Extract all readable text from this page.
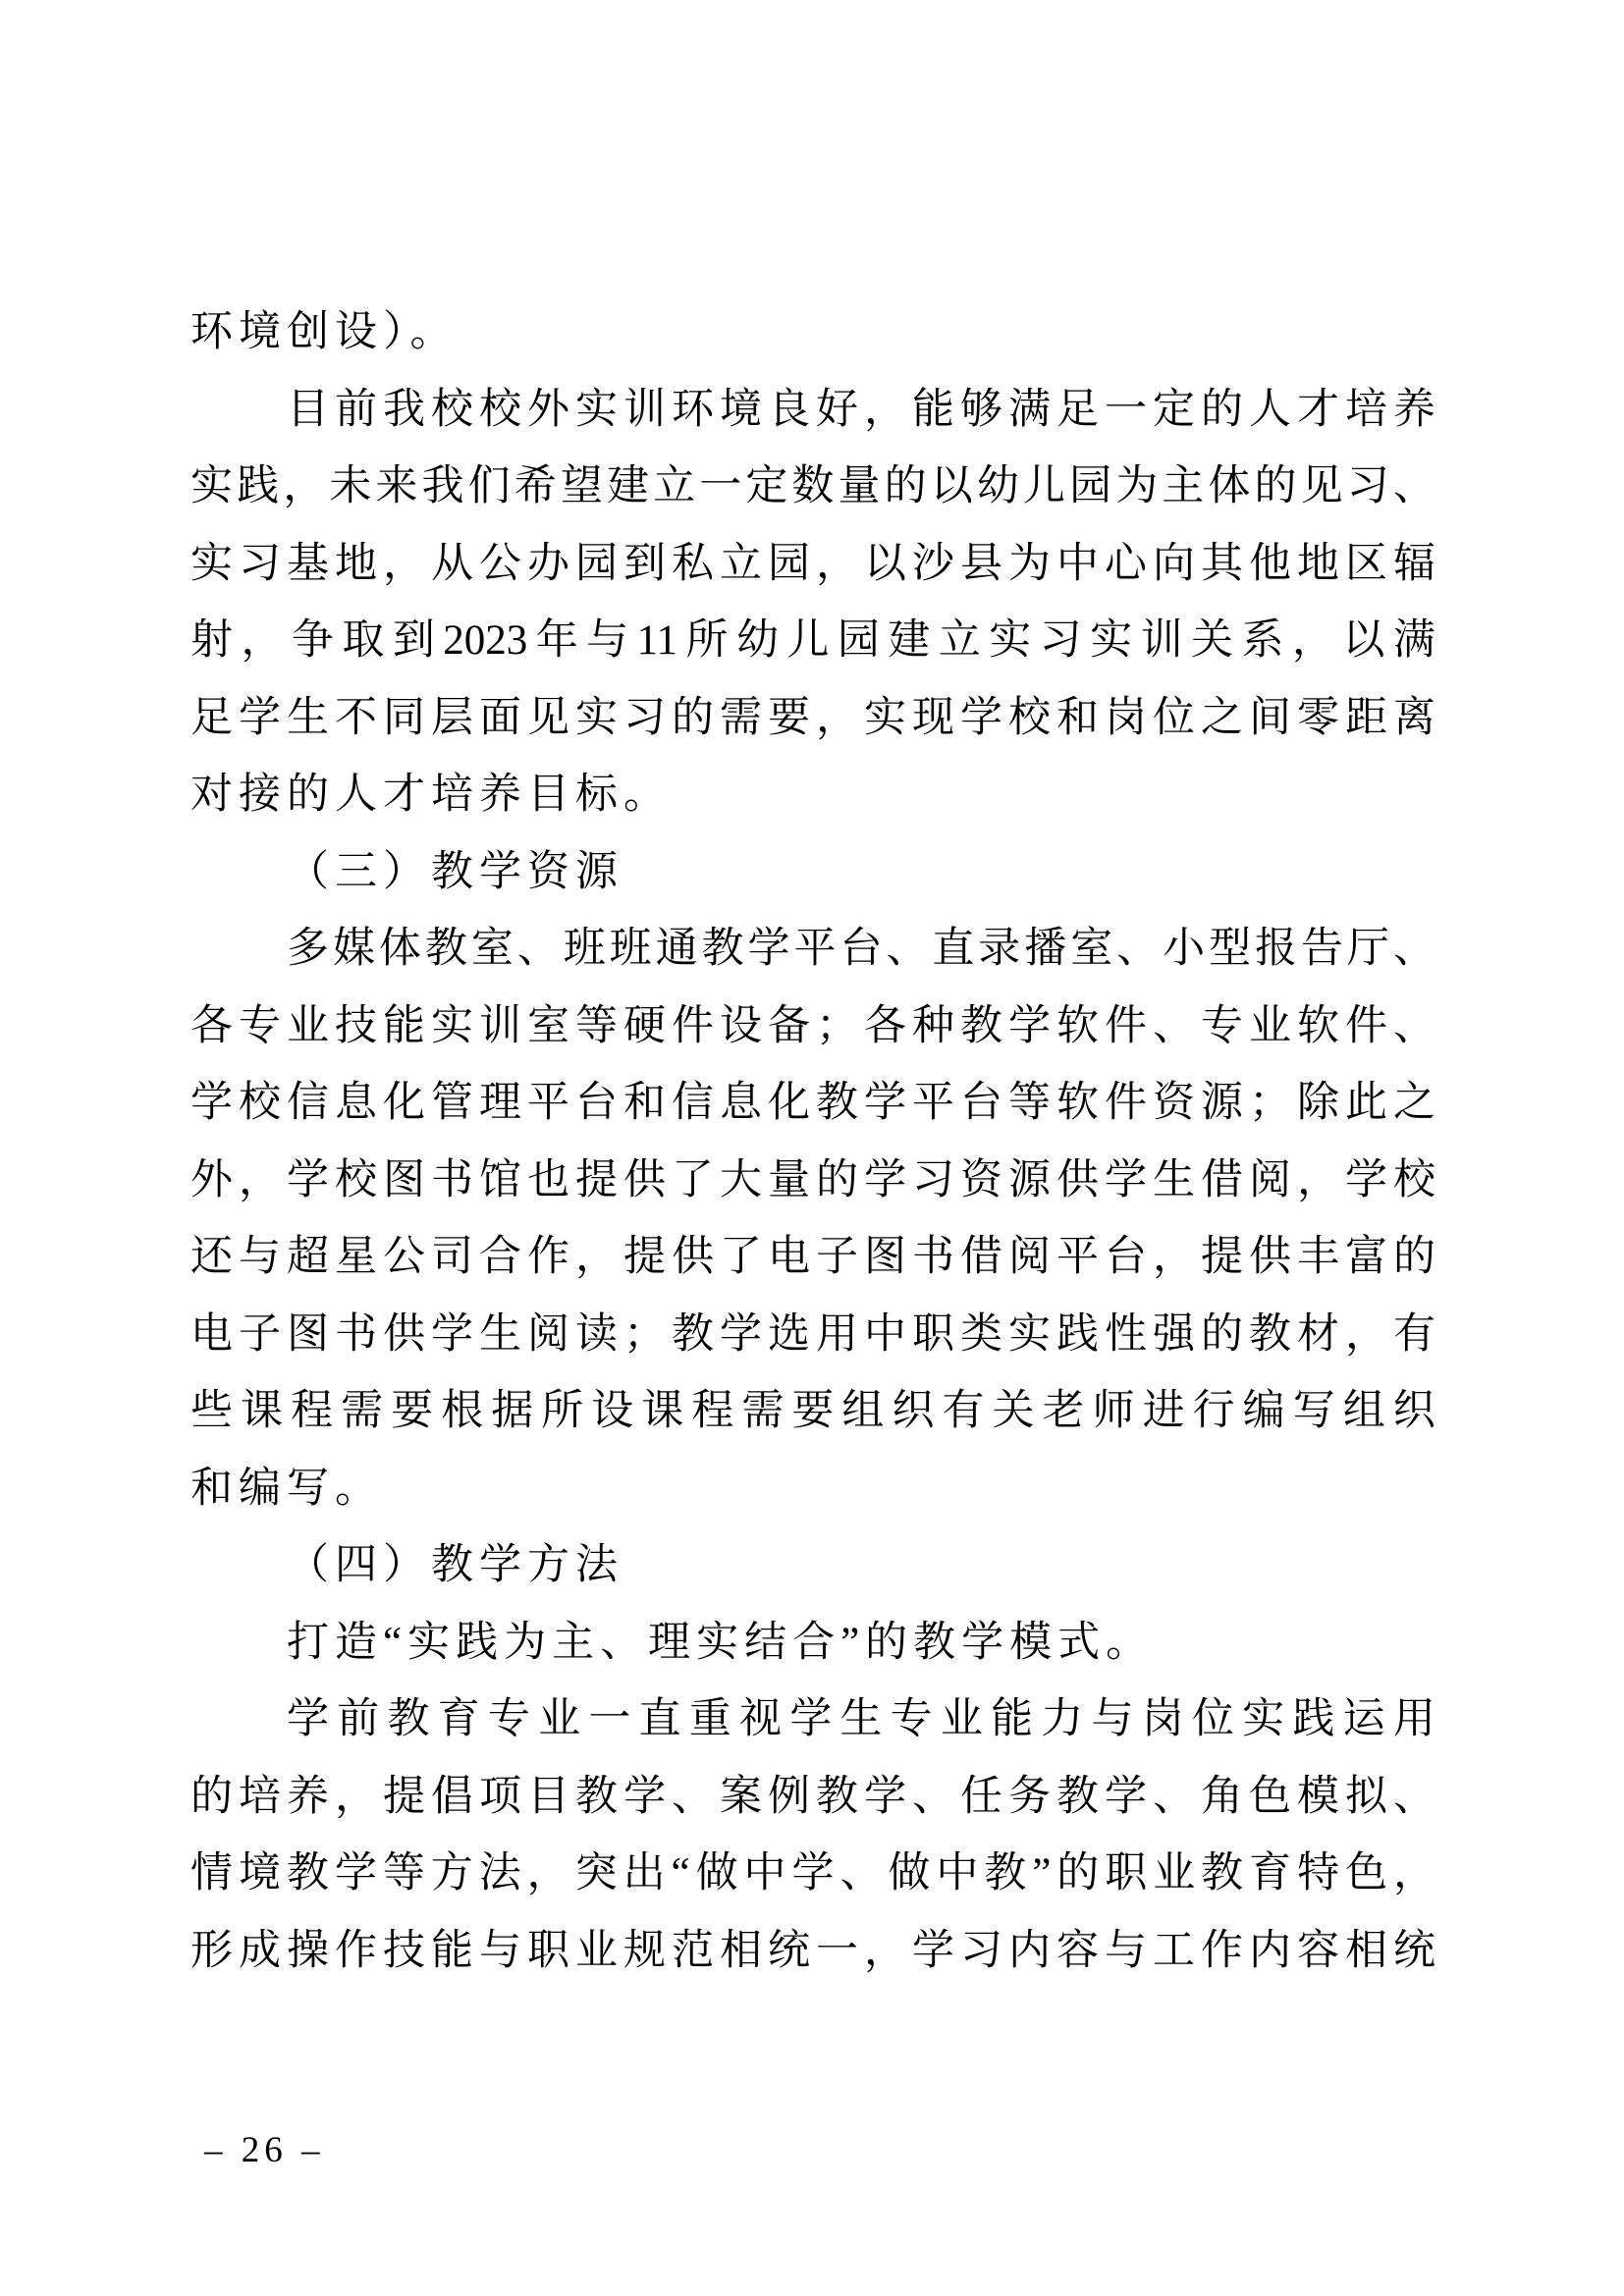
环境创设）。
目 前 我 校 校 外 实 训 环 境 良 好 ， 能 够 满 足 一 定 的 人 才 培 养
实 践 ， 未 来 我 们 希 望 建 立 一 定 数 量 的 以 幼 儿 园 为 主 体 的 见 习 、
实 习 基 地 ， 从 公 办 园 到 私 立 园 ， 以 沙 县 为 中 心 向 其 他 地 区 辐
射 ， 争 取 到 2023 年 与 11 所 幼 儿 园 建 立 实 习 实 训 关 系 ， 以 满
足 学 生 不 同 层 面 见 实 习 的 需 要 ， 实 现 学 校 和 岗 位 之 间 零 距 离
对接的人才培养目标。
（三）教学资源
多 媒 体 教 室 、 班 班 通 教 学 平 台 、 直 录 播 室 、 小 型 报 告 厅 、
各 专 业 技 能 实 训 室 等 硬 件 设 备 ； 各 种 教 学 软 件 、 专 业 软 件 、
学 校 信 息 化 管 理 平 台 和 信 息 化 教 学 平 台 等 软 件 资 源 ； 除 此 之
外 ， 学 校 图 书 馆 也 提 供 了 大 量 的 学 习 资 源 供 学 生 借 阅 ， 学 校
还 与 超 星 公 司 合 作 ， 提 供 了 电 子 图 书 借 阅 平 台 ， 提 供 丰 富 的
电 子 图 书 供 学 生 阅 读 ； 教 学 选 用 中 职 类 实 践 性 强 的 教 材 ， 有
些 课 程 需 要 根 据 所 设 课 程 需 要 组 织 有 关 老 师 进 行 编 写 组 织
和编写。
（四）教学方法
打造“实践为主、理实结合”的教学模式。
学 前 教 育 专 业 一 直 重 视 学 生 专 业 能 力 与 岗 位 实 践 运 用
的 培 养 ， 提 倡 项 目 教 学 、 案 例 教 学 、 任 务 教 学 、 角 色 模 拟 、
情 境 教 学 等 方 法 ， 突 出 “ 做 中 学 、 做 中 教 ” 的 职 业 教 育 特 色 ，
形 成 操 作 技 能 与 职 业 规 范 相 统 一 ， 学 习 内 容 与 工 作 内 容 相 统
– 26 –
